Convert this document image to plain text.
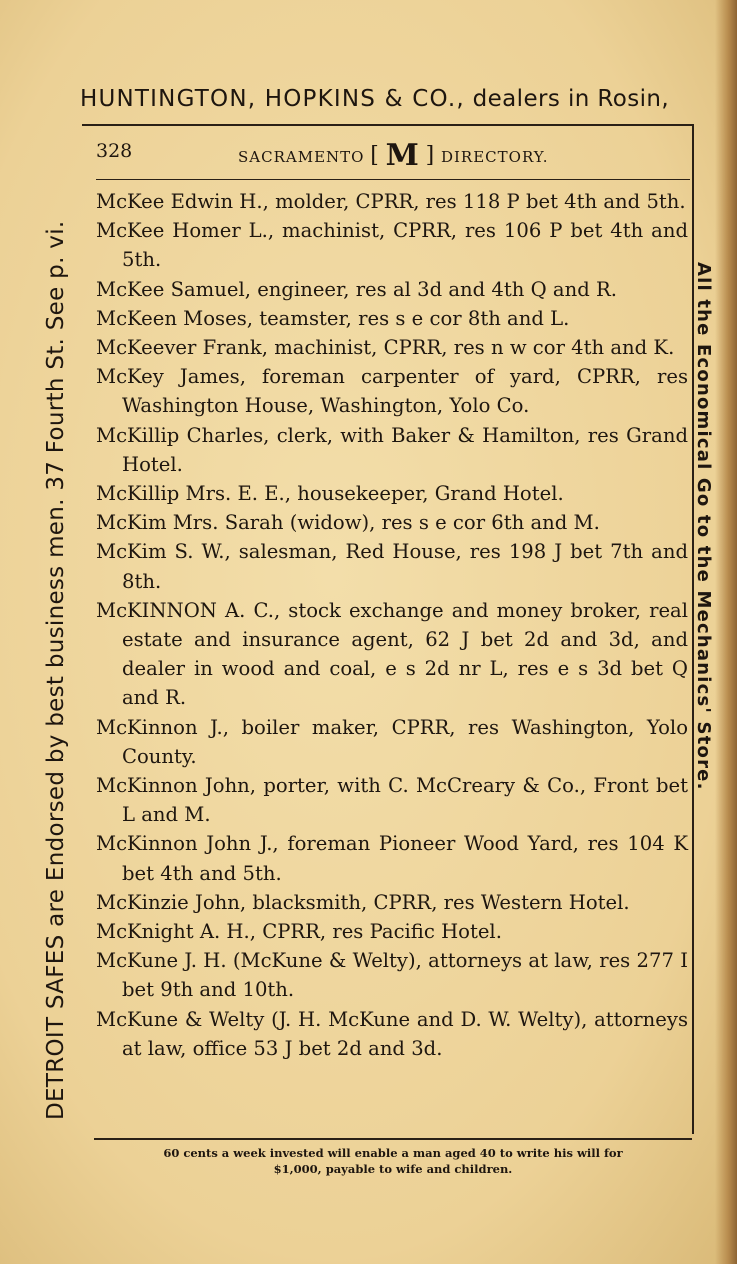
HUNTINGTON, HOPKINS & CO., dealers in Rosin,
DETROIT SAFES are Endorsed by best business men. 37 Fourth St. See p. vi.	All the Economical Go to the Mechanics' Store.
328	SACRAMENTO [ M ] DIRECTORY.
McKee Edwin H., molder, CPRR, res 118 P bet 4th and 5th.
McKee Homer L., machinist, CPRR, res 106 P bet 4th and 5th.
McKee Samuel, engineer, res al 3d and 4th Q and R.
McKeen Moses, teamster, res s e cor 8th and L.
McKeever Frank, machinist, CPRR, res n w cor 4th and K.
McKey James, foreman carpenter of yard, CPRR, res Washington House, Washington, Yolo Co.
McKillip Charles, clerk, with Baker & Hamilton, res Grand Hotel.
McKillip Mrs. E. E., housekeeper, Grand Hotel.
McKim Mrs. Sarah (widow), res s e cor 6th and M.
McKim S. W., salesman, Red House, res 198 J bet 7th and 8th.
McKINNON A. C., stock exchange and money broker, real estate and insurance agent, 62 J bet 2d and 3d, and dealer in wood and coal, e s 2d nr L, res e s 3d bet Q and R.
McKinnon J., boiler maker, CPRR, res Washington, Yolo County.
McKinnon John, porter, with C. McCreary & Co., Front bet L and M.
McKinnon John J., foreman Pioneer Wood Yard, res 104 K bet 4th and 5th.
McKinzie John, blacksmith, CPRR, res Western Hotel.
McKnight A. H., CPRR, res Pacific Hotel.
McKune J. H. (McKune & Welty), attorneys at law, res 277 I bet 9th and 10th.
McKune & Welty (J. H. McKune and D. W. Welty), attorneys at law, office 53 J bet 2d and 3d.
60 cents a week invested will enable a man aged 40 to write his will for
$1,000, payable to wife and children.
